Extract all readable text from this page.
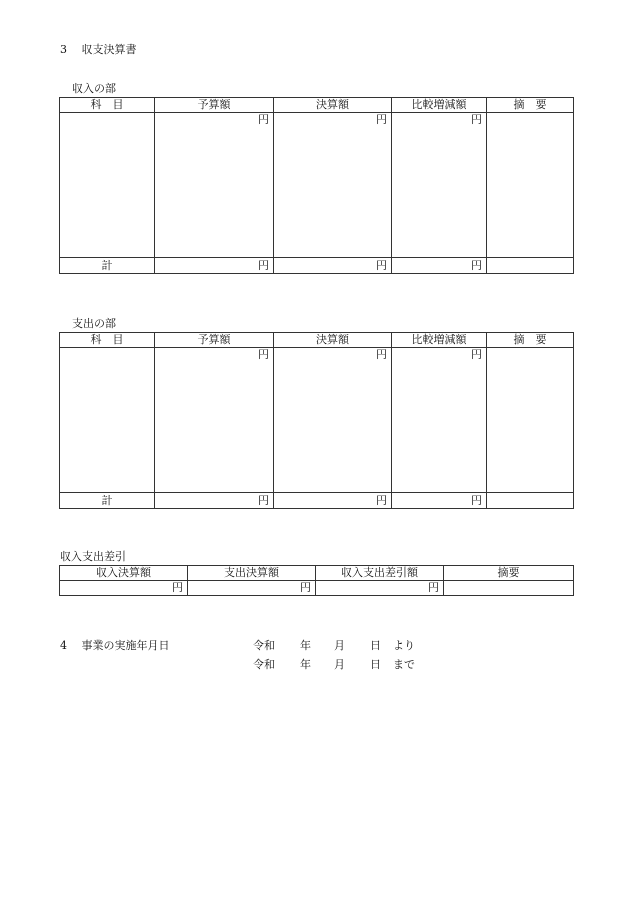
3　 収支決算書
収入の部
科　目	予算額	決算額	比較増減額	摘　要
	円	円	円	
計	円	円	円	
支出の部
科　目	予算額	決算額	比較増減額	摘　要
	円	円	円	
計	円	円	円	
収入支出差引
収入決算額	支出決算額	収入支出差引額	摘要
円	円	円	
4　 事業の実施年月日	令和 年 月 日 より
令和 年 月 日 まで
